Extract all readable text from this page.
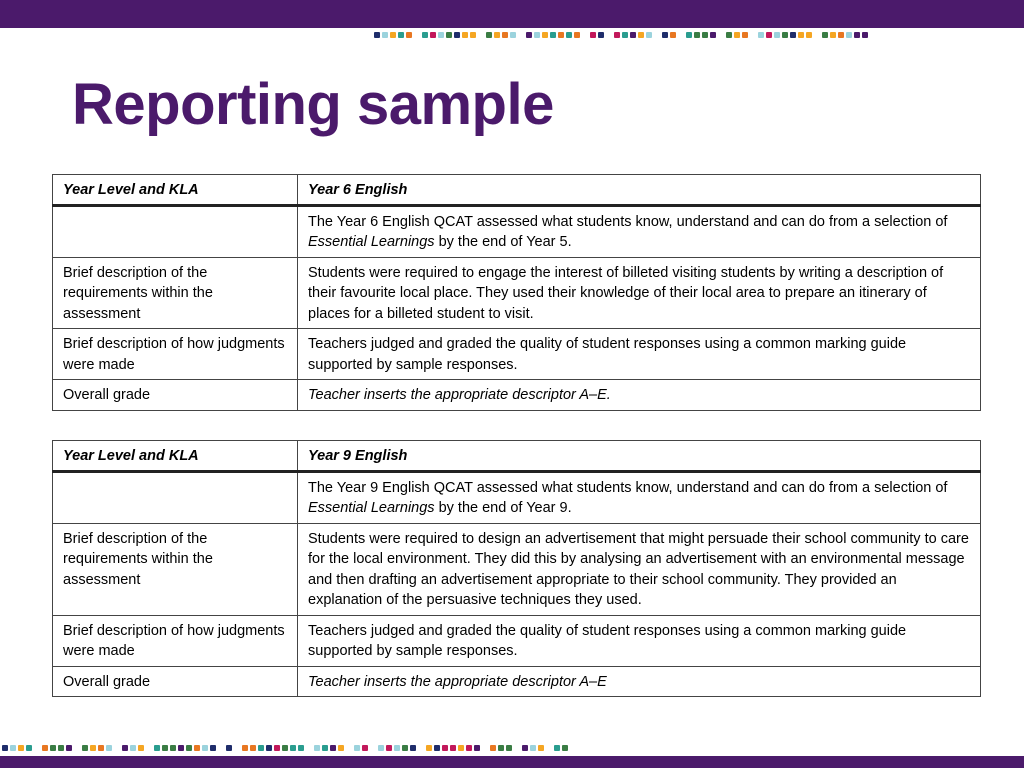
Reporting sample
Year Level and KLA	Year 6 English
	The Year 6 English QCAT assessed what students know, understand and can do from a selection of Essential Learnings by the end of Year 5.
Brief description of the requirements within the assessment	Students were required to engage the interest of billeted visiting students by writing a description of their favourite local place. They used their knowledge of their local area to prepare an itinerary of places for a billeted student to visit.
Brief description of how judgments were made	Teachers judged and graded the quality of student responses using a common marking guide supported by sample responses.
Overall grade	Teacher inserts the appropriate descriptor A–E.
Year Level and KLA	Year 9 English
	The Year 9 English QCAT assessed what students know, understand and can do from a selection of Essential Learnings by the end of Year 9.
Brief description of the requirements within the assessment	Students were required to design an advertisement that might persuade their school community to care for the local environment. They did this by analysing an advertisement with an environmental message and then drafting an advertisement appropriate to their school community. They provided an explanation of the persuasive techniques they used.
Brief description of how judgments were made	Teachers judged and graded the quality of student responses using a common marking guide supported by sample responses.
Overall grade	Teacher inserts the appropriate descriptor A–E
